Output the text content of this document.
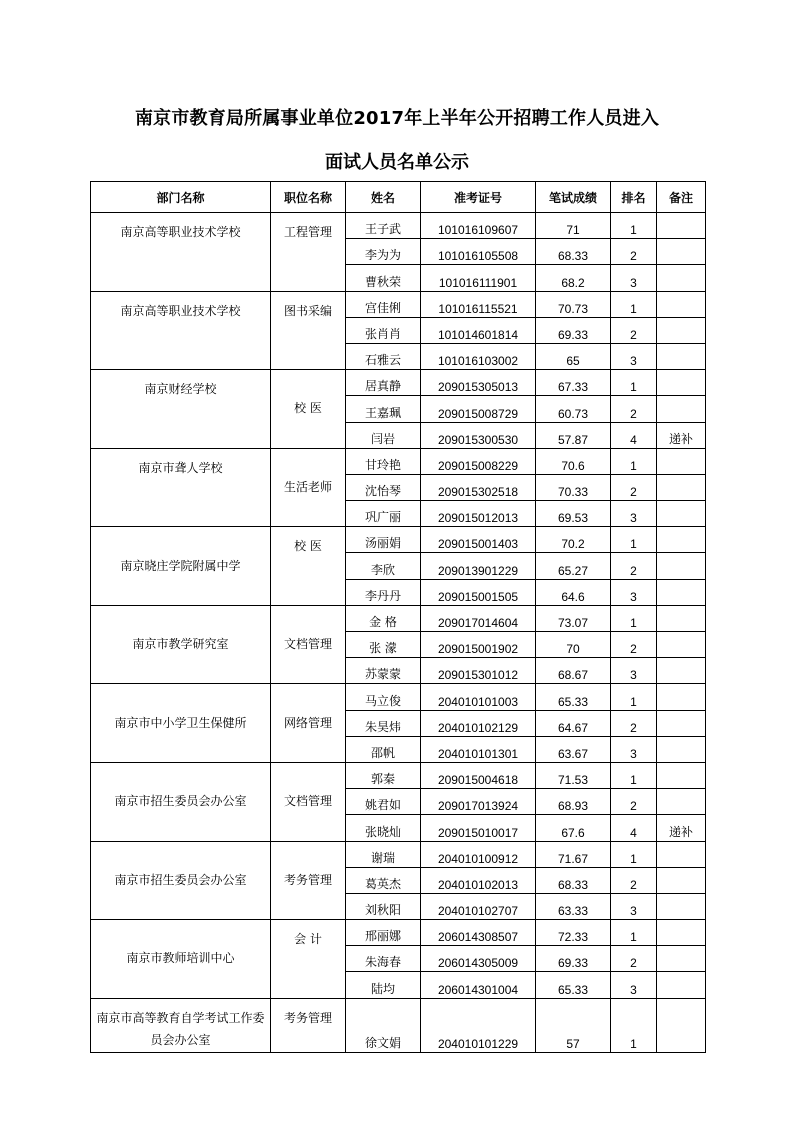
南京市教育局所属事业单位2017年上半年公开招聘工作人员进入
面试人员名单公示
部门名称	职位名称	姓名	准考证号	笔试成绩	排名	备注
南京高等职业技术学校	工程管理	王子武	101016109607	71	1	
		李为为	101016105508	68.33	2	
		曹秋荣	101016111901	68.2	3	
南京高等职业技术学校	图书采编	宫佳俐	101016115521	70.73	1	
		张肖肖	101014601814	69.33	2	
		石雅云	101016103002	65	3	
南京财经学校	校 医	居真静	209015305013	67.33	1	
		王嘉珮	209015008729	60.73	2	
		闫岩	209015300530	57.87	4	递补
南京市聋人学校	生活老师	甘玲艳	209015008229	70.6	1	
		沈怡琴	209015302518	70.33	2	
		巩广丽	209015012013	69.53	3	
南京晓庄学院附属中学	校 医	汤丽娟	209015001403	70.2	1	
		李欣	209013901229	65.27	2	
		李丹丹	209015001505	64.6	3	
南京市教学研究室	文档管理	金 格	209017014604	73.07	1	
		张 濛	209015001902	70	2	
		苏蒙蒙	209015301012	68.67	3	
南京市中小学卫生保健所	网络管理	马立俊	204010101003	65.33	1	
		朱昊炜	204010102129	64.67	2	
		邵帆	204010101301	63.67	3	
南京市招生委员会办公室	文档管理	郭秦	209015004618	71.53	1	
		姚君如	209017013924	68.93	2	
		张晓灿	209015010017	67.6	4	递补
南京市招生委员会办公室	考务管理	谢瑞	204010100912	71.67	1	
		葛英杰	204010102013	68.33	2	
		刘秋阳	204010102707	63.33	3	
南京市教师培训中心	会 计	邢丽娜	206014308507	72.33	1	
		朱海春	206014305009	69.33	2	
		陆均	206014301004	65.33	3	
南京市高等教育自学考试工作委员会办公室	考务管理	徐文娟	204010101229	57	1	
